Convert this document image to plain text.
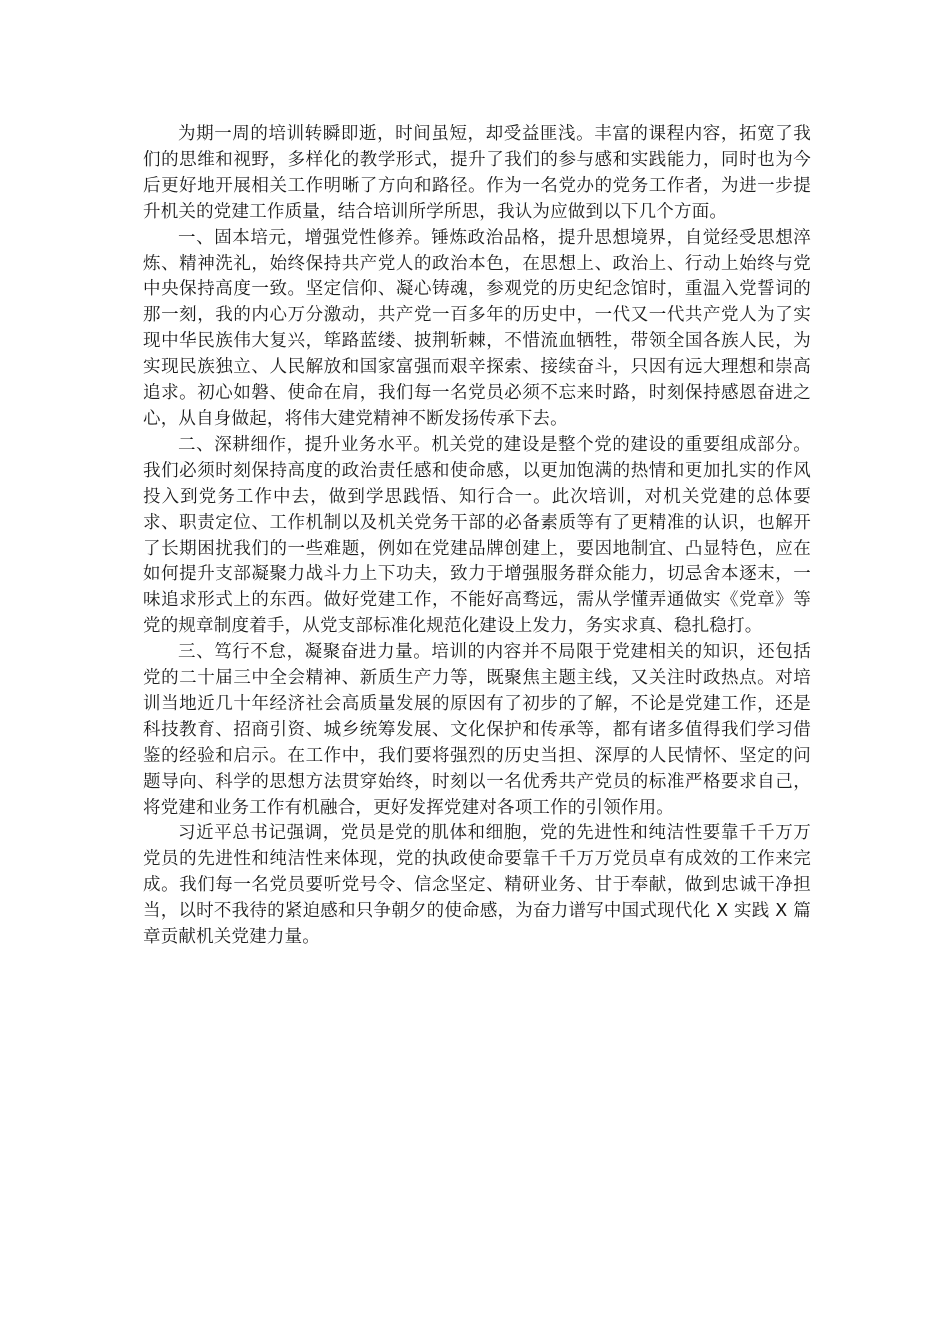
为期一周的培训转瞬即逝，时间虽短，却受益匪浅。丰富的课程内容，拓宽了我们的思维和视野，多样化的教学形式，提升了我们的参与感和实践能力，同时也为今后更好地开展相关工作明晰了方向和路径。作为一名党办的党务工作者，为进一步提升机关的党建工作质量，结合培训所学所思，我认为应做到以下几个方面。

一、固本培元，增强党性修养。锤炼政治品格，提升思想境界，自觉经受思想淬炼、精神洗礼，始终保持共产党人的政治本色，在思想上、政治上、行动上始终与党中央保持高度一致。坚定信仰、凝心铸魂，参观党的历史纪念馆时，重温入党誓词的那一刻，我的内心万分激动，共产党一百多年的历史中，一代又一代共产党人为了实现中华民族伟大复兴，筚路蓝缕、披荆斩棘，不惜流血牺牲，带领全国各族人民，为实现民族独立、人民解放和国家富强而艰辛探索、接续奋斗，只因有远大理想和崇高追求。初心如磐、使命在肩，我们每一名党员必须不忘来时路，时刻保持感恩奋进之心，从自身做起，将伟大建党精神不断发扬传承下去。

二、深耕细作，提升业务水平。机关党的建设是整个党的建设的重要组成部分。我们必须时刻保持高度的政治责任感和使命感，以更加饱满的热情和更加扎实的作风投入到党务工作中去，做到学思践悟、知行合一。此次培训，对机关党建的总体要求、职责定位、工作机制以及机关党务干部的必备素质等有了更精准的认识，也解开了长期困扰我们的一些难题，例如在党建品牌创建上，要因地制宜、凸显特色，应在如何提升支部凝聚力战斗力上下功夫，致力于增强服务群众能力，切忌舍本逐末，一味追求形式上的东西。做好党建工作，不能好高骛远，需从学懂弄通做实《党章》等党的规章制度着手，从党支部标准化规范化建设上发力，务实求真、稳扎稳打。

三、笃行不怠，凝聚奋进力量。培训的内容并不局限于党建相关的知识，还包括党的二十届三中全会精神、新质生产力等，既聚焦主题主线，又关注时政热点。对培训当地近几十年经济社会高质量发展的原因有了初步的了解，不论是党建工作，还是科技教育、招商引资、城乡统筹发展、文化保护和传承等，都有诸多值得我们学习借鉴的经验和启示。在工作中，我们要将强烈的历史当担、深厚的人民情怀、坚定的问题导向、科学的思想方法贯穿始终，时刻以一名优秀共产党员的标准严格要求自己，将党建和业务工作有机融合，更好发挥党建对各项工作的引领作用。

习近平总书记强调，党员是党的肌体和细胞，党的先进性和纯洁性要靠千千万万党员的先进性和纯洁性来体现，党的执政使命要靠千千万万党员卓有成效的工作来完成。我们每一名党员要听党号令、信念坚定、精研业务、甘于奉献，做到忠诚干净担当，以时不我待的紧迫感和只争朝夕的使命感，为奋力谱写中国式现代化 X 实践 X 篇章贡献机关党建力量。
